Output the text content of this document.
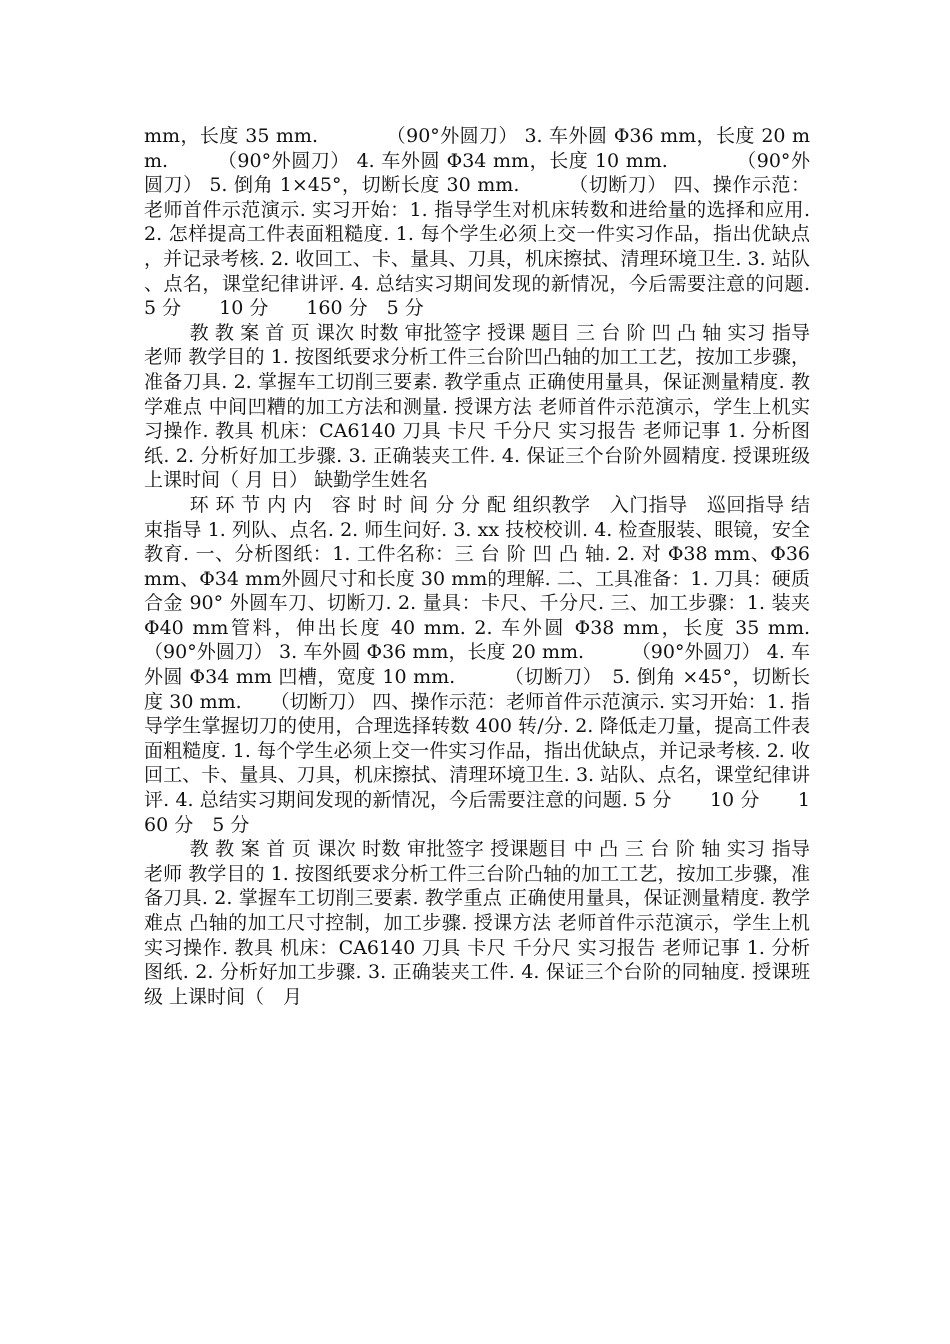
mm，长度 35 mm.　　　　（90°外圆刀） 3. 车外圆 Φ36 mm，长度 20 mm.　　　（90°外圆刀） 4. 车外圆 Φ34 mm，长度 10 mm.　　　　（90°外圆刀） 5. 倒角 1×45°，切断长度 30 mm.　　　（切断刀） 四、操作示范：老师首件示范演示. 实习开始：1. 指导学生对机床转数和进给量的选择和应用. 2. 怎样提高工件表面粗糙度. 1. 每个学生必须上交一件实习作品，指出优缺点，并记录考核. 2. 收回工、卡、量具、刀具，机床擦拭、清理环境卫生. 3. 站队、点名，课堂纪律讲评. 4. 总结实习期间发现的新情况，今后需要注意的问题. 5 分　　10 分　　160 分　5 分

教 教 案 首 页 课次 时数 审批签字 授课 题目 三 台 阶 凹 凸 轴 实习 指导老师 教学目的 1. 按图纸要求分析工件三台阶凹凸轴的加工工艺，按加工步骤，准备刀具. 2. 掌握车工切削三要素. 教学重点 正确使用量具，保证测量精度. 教学难点 中间凹糟的加工方法和测量. 授课方法 老师首件示范演示，学生上机实习操作. 教具 机床：CA6140 刀具 卡尺 千分尺 实习报告 老师记事 1. 分析图纸. 2. 分析好加工步骤. 3. 正确装夹工件. 4. 保证三个台阶外圆精度. 授课班级 上课时间（ 月 日） 缺勤学生姓名

环 环 节 内 内　容 时 时 间 分 分 配 组织教学　入门指导　巡回指导 结束指导 1. 列队、点名. 2. 师生问好. 3. xx 技校校训. 4. 检查服装、眼镜，安全教育. 一、分析图纸：1. 工件名称：三 台 阶 凹 凸 轴. 2. 对 Φ38 mm、Φ36 mm、Φ34 mm外圆尺寸和长度 30 mm的理解. 二、工具准备：1. 刀具：硬质合金 90° 外圆车刀、切断刀. 2. 量具：卡尺、千分尺. 三、加工步骤：1. 装夹 Φ40 mm管料，伸出长度 40 mm. 2. 车外圆 Φ38 mm，长度 35 mm.　　　　（90°外圆刀） 3. 车外圆 Φ36 mm，长度 20 mm.　　　（90°外圆刀） 4. 车外圆 Φ34 mm 凹槽，宽度 10 mm.　　　（切断刀）　5. 倒角 ×45°，切断长度 30 mm.　　（切断刀） 四、操作示范：老师首件示范演示. 实习开始：1. 指导学生掌握切刀的使用，合理选择转数 400 转/分. 2. 降低走刀量，提高工件表面粗糙度. 1. 每个学生必须上交一件实习作品，指出优缺点，并记录考核. 2. 收回工、卡、量具、刀具，机床擦拭、清理环境卫生. 3. 站队、点名，课堂纪律讲评. 4. 总结实习期间发现的新情况，今后需要注意的问题. 5 分　　10 分　　160 分　5 分

教 教 案 首 页 课次 时数 审批签字 授课题目 中 凸 三 台 阶 轴 实习 指导老师 教学目的 1. 按图纸要求分析工件三台阶凸轴的加工工艺，按加工步骤，准备刀具. 2. 掌握车工切削三要素. 教学重点 正确使用量具，保证测量精度. 教学难点 凸轴的加工尺寸控制，加工步骤. 授课方法 老师首件示范演示，学生上机实习操作. 教具 机床：CA6140 刀具 卡尺 千分尺 实习报告 老师记事 1. 分析图纸. 2. 分析好加工步骤. 3. 正确装夹工件. 4. 保证三个台阶的同轴度. 授课班级 上课时间（　月
